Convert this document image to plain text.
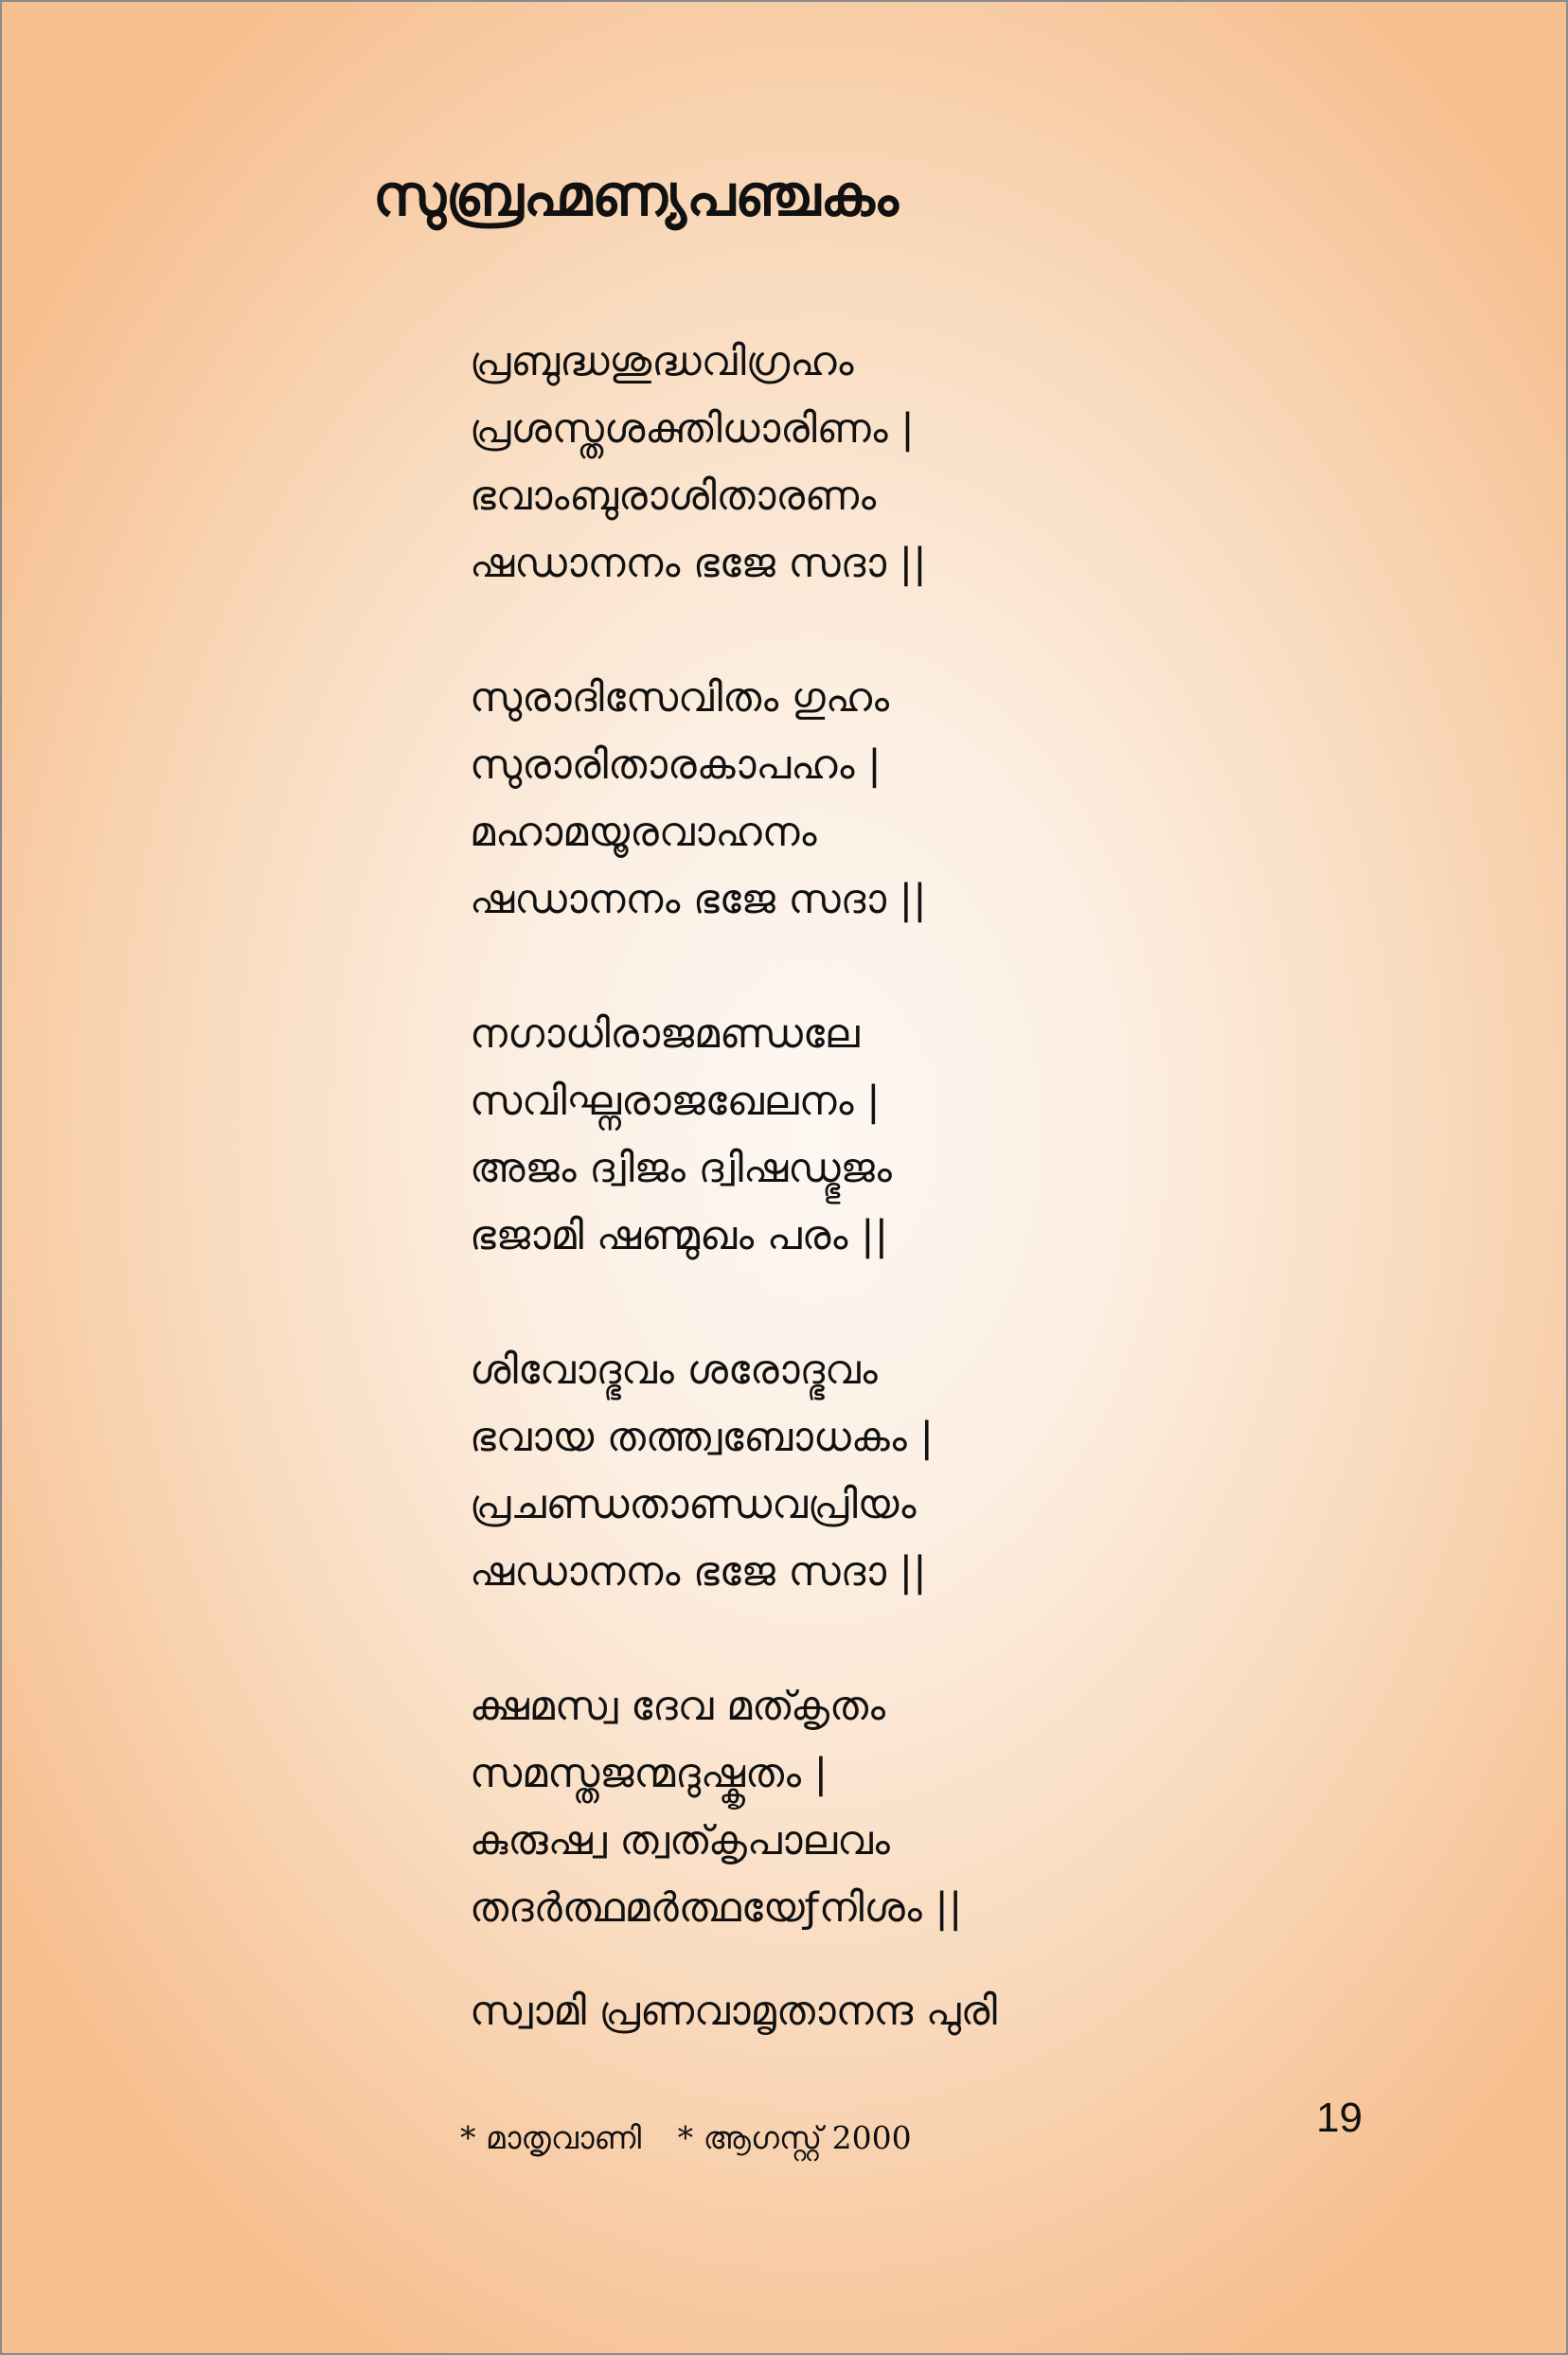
സുബ്രഹ്മണ്യപഞ്ചകം
പ്രബുദ്ധശുദ്ധവിഗ്രഹം
പ്രശസ്തശക്തിധാരിണം |
ഭവാംബുരാശിതാരണം
ഷഡാനനം ഭജേ സദാ ||
സുരാദിസേവിതം ഗുഹം
സുരാരിതാരകാപഹം |
മഹാമയൂരവാഹനം
ഷഡാനനം ഭജേ സദാ ||
നഗാധിരാജമണ്ഡലേ
സവിഘ്നരാജഖേലനം |
അജം ദ്വിജം ദ്വിഷഡ്ഭുജം
ഭജാമി ഷണ്മുഖം പരം ||
ശിവോദ്ഭവം ശരോദ്ഭവം
ഭവായ തത്ത്വബോധകം |
പ്രചണ്ഡതാണ്ഡവപ്രിയം
ഷഡാനനം ഭജേ സദാ ||
ക്ഷമസ്വ ദേവ മത്കൃതം
സമസ്തജന്മദുഷ്കൃതം |
കുരുഷ്വ ത്വത്കൃപാലവം
തദർത്ഥമർത്ഥയേƒനിശം ||
സ്വാമി പ്രണവാമൃതാനന്ദ പുരി
* മാതൃവാണി * ആഗസ്റ്റ് 2000	19
